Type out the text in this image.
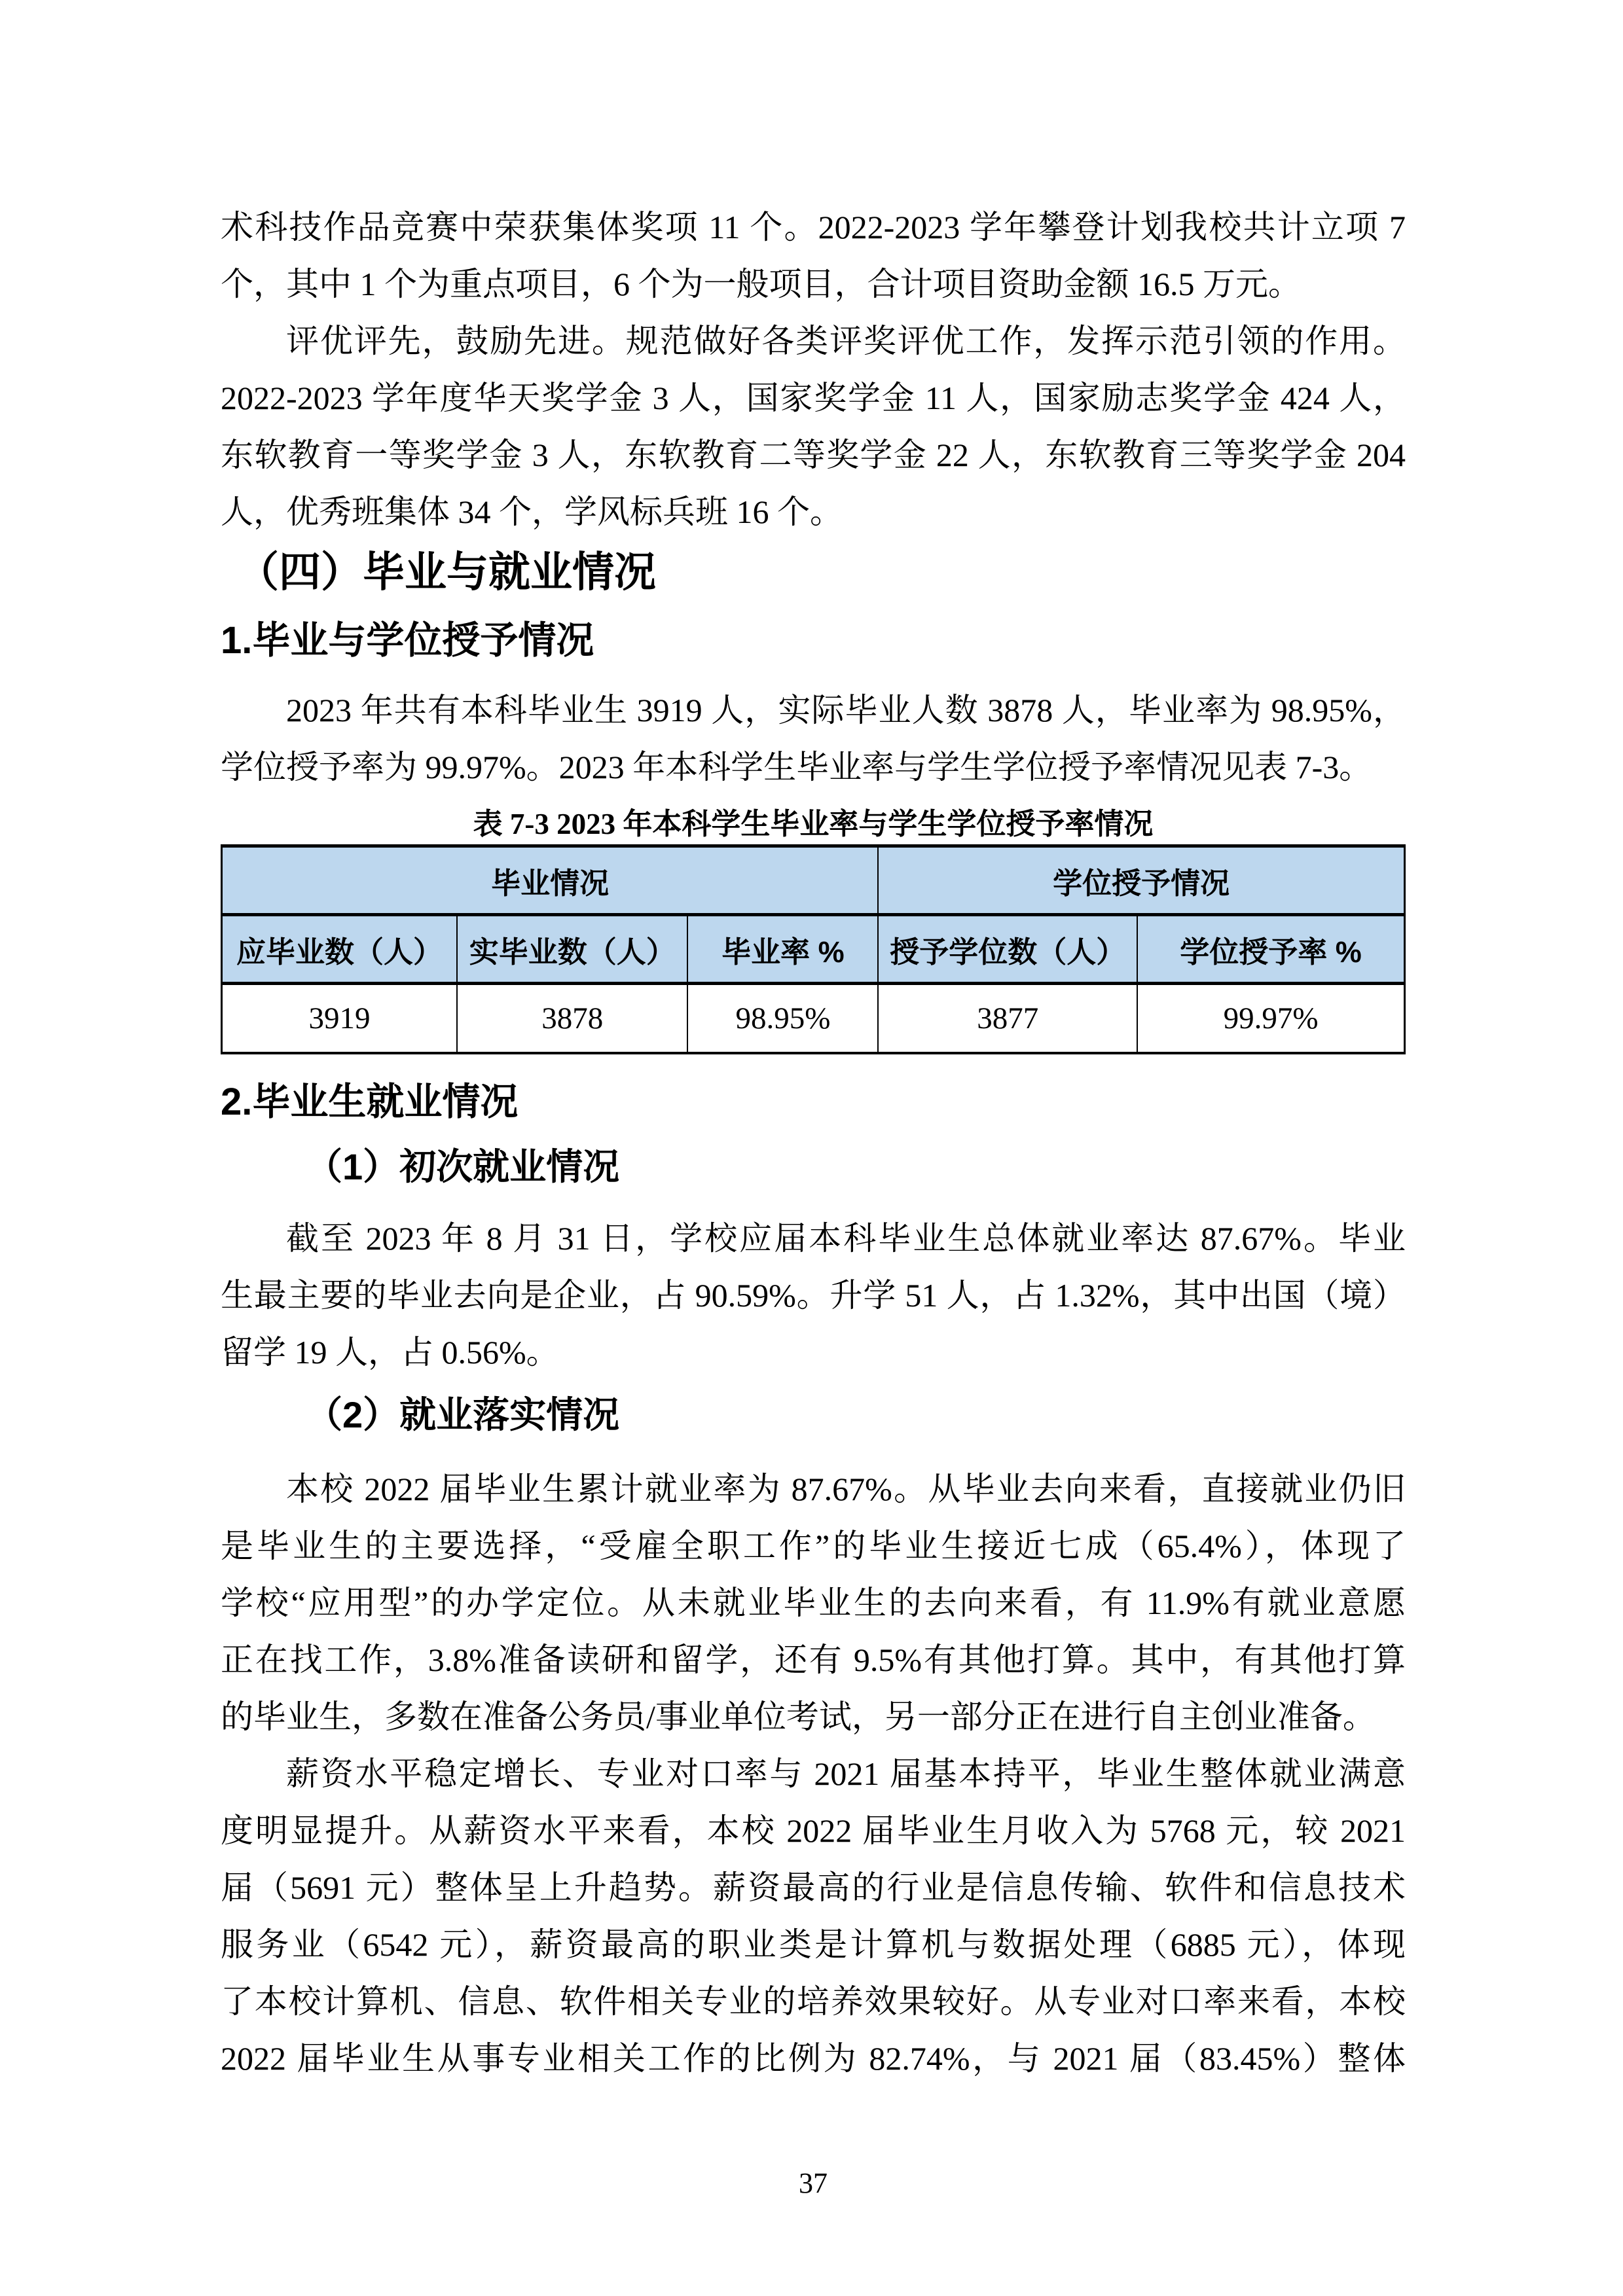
术科技作品竞赛中荣获集体奖项 11 个。2022-2023 学年攀登计划我校共计立项 7
个，其中 1 个为重点项目，6 个为一般项目，合计项目资助金额 16.5 万元。
评优评先，鼓励先进。规范做好各类评奖评优工作，发挥示范引领的作用。
2022-2023 学年度华天奖学金 3 人，国家奖学金 11 人，国家励志奖学金 424 人，
东软教育一等奖学金 3 人，东软教育二等奖学金 22 人，东软教育三等奖学金 204
人，优秀班集体 34 个，学风标兵班 16 个。
（四）毕业与就业情况
1.毕业与学位授予情况
2023 年共有本科毕业生 3919 人，实际毕业人数 3878 人，毕业率为 98.95%，
学位授予率为 99.97%。2023 年本科学生毕业率与学生学位授予率情况见表 7-3。
表 7-3 2023 年本科学生毕业率与学生学位授予率情况
毕业情况			学位授予情况	
应毕业数（人）	实毕业数（人）	毕业率 %	授予学位数（人）	学位授予率 %
3919	3878	98.95%	3877	99.97%
2.毕业生就业情况
（1）初次就业情况
截至 2023 年 8 月 31 日，学校应届本科毕业生总体就业率达 87.67%。毕业
生最主要的毕业去向是企业，占 90.59%。升学 51 人，占 1.32%，其中出国（境）
留学 19 人，占 0.56%。
（2）就业落实情况
本校 2022 届毕业生累计就业率为 87.67%。从毕业去向来看，直接就业仍旧
是毕业生的主要选择，“受雇全职工作”的毕业生接近七成（65.4%），体现了
学校“应用型”的办学定位。从未就业毕业生的去向来看，有 11.9%有就业意愿
正在找工作，3.8%准备读研和留学，还有 9.5%有其他打算。其中，有其他打算
的毕业生，多数在准备公务员/事业单位考试，另一部分正在进行自主创业准备。
薪资水平稳定增长、专业对口率与 2021 届基本持平，毕业生整体就业满意
度明显提升。从薪资水平来看，本校 2022 届毕业生月收入为 5768 元，较 2021
届（5691 元）整体呈上升趋势。薪资最高的行业是信息传输、软件和信息技术
服务业（6542 元），薪资最高的职业类是计算机与数据处理（6885 元），体现
了本校计算机、信息、软件相关专业的培养效果较好。从专业对口率来看，本校
2022 届毕业生从事专业相关工作的比例为 82.74%，与 2021 届（83.45%）整体
37
